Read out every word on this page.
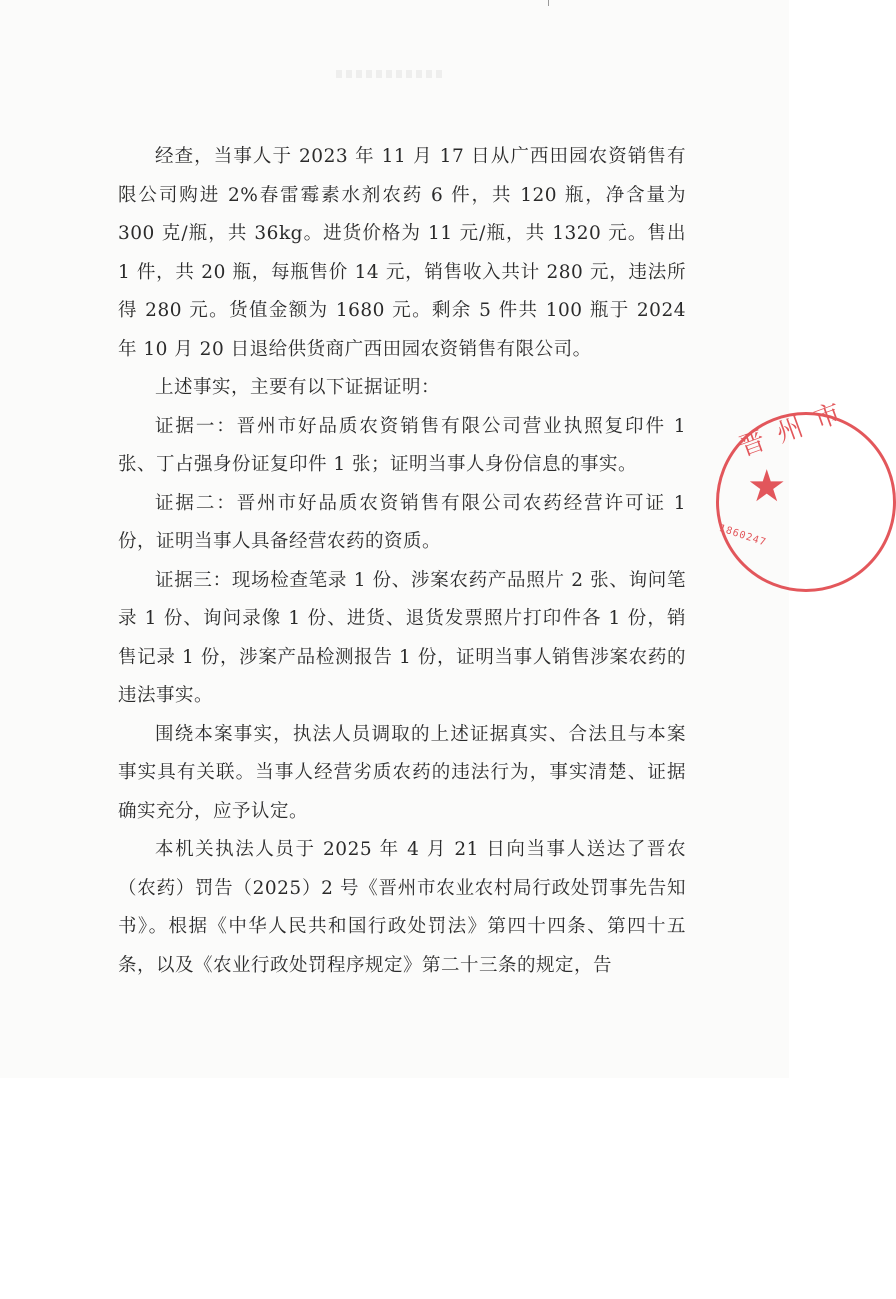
经查，当事人于 2023 年 11 月 17 日从广西田园农资销售有限公司购进 2%春雷霉素水剂农药 6 件，共 120 瓶，净含量为 300 克/瓶，共 36kg。进货价格为 11 元/瓶，共 1320 元。售出 1 件，共 20 瓶，每瓶售价 14 元，销售收入共计 280 元，违法所得 280 元。货值金额为 1680 元。剩余 5 件共 100 瓶于 2024 年 10 月 20 日退给供货商广西田园农资销售有限公司。

上述事实，主要有以下证据证明：

证据一：晋州市好品质农资销售有限公司营业执照复印件 1 张、丁占强身份证复印件 1 张；证明当事人身份信息的事实。

证据二：晋州市好品质农资销售有限公司农药经营许可证 1 份，证明当事人具备经营农药的资质。

证据三：现场检查笔录 1 份、涉案农药产品照片 2 张、询问笔录 1 份、询问录像 1 份、进货、退货发票照片打印件各 1 份，销售记录 1 份，涉案产品检测报告 1 份，证明当事人销售涉案农药的违法事实。

围绕本案事实，执法人员调取的上述证据真实、合法且与本案事实具有关联。当事人经营劣质农药的违法行为，事实清楚、证据确实充分，应予认定。

本机关执法人员于 2025 年 4 月 21 日向当事人送达了晋农（农药）罚告（2025）2 号《晋州市农业农村局行政处罚事先告知书》。根据《中华人民共和国行政处罚法》第四十四条、第四十五条，以及《农业行政处罚程序规定》第二十三条的规定，告

晋州市
★
1860247
